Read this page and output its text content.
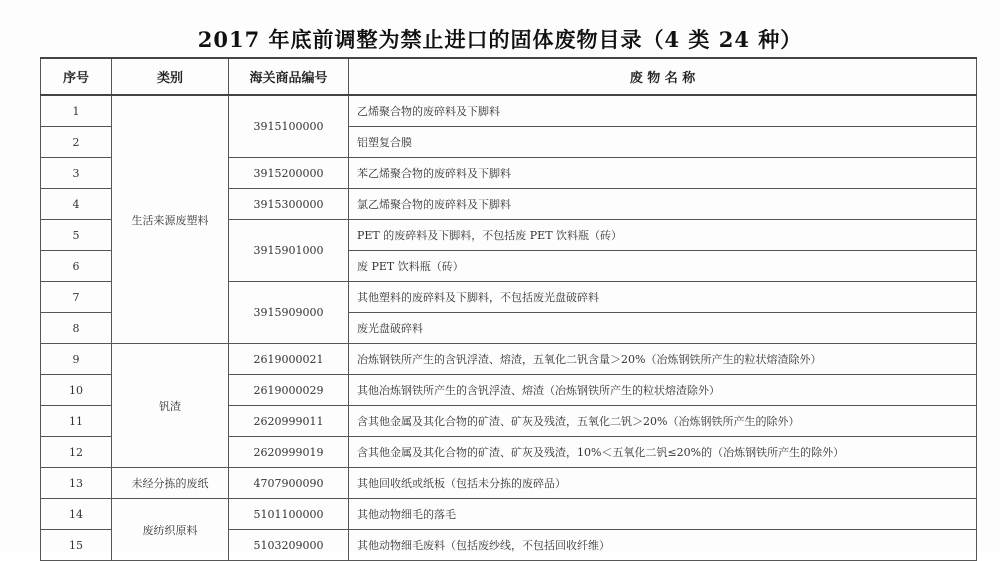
2017 年底前调整为禁止进口的固体废物目录（4 类 24 种）
序号	类别	海关商品编号	废 物 名 称
1	生活来源废塑料	3915100000	乙烯聚合物的废碎料及下脚料
2			铝塑复合膜
3		3915200000	苯乙烯聚合物的废碎料及下脚料
4		3915300000	氯乙烯聚合物的废碎料及下脚料
5		3915901000	PET 的废碎料及下脚料，不包括废 PET 饮料瓶（砖）
6			废 PET 饮料瓶（砖）
7		3915909000	其他塑料的废碎料及下脚料，不包括废光盘破碎料
8			废光盘破碎料
9	钒渣	2619000021	冶炼钢铁所产生的含钒浮渣、熔渣，五氧化二钒含量＞20%（冶炼钢铁所产生的粒状熔渣除外）
10		2619000029	其他冶炼钢铁所产生的含钒浮渣、熔渣（冶炼钢铁所产生的粒状熔渣除外）
11		2620999011	含其他金属及其化合物的矿渣、矿灰及残渣，五氧化二钒＞20%（冶炼钢铁所产生的除外）
12		2620999019	含其他金属及其化合物的矿渣、矿灰及残渣，10%＜五氧化二钒≤20%的（冶炼钢铁所产生的除外）
13	未经分拣的废纸	4707900090	其他回收纸或纸板（包括未分拣的废碎品）
14	废纺织原料	5101100000	其他动物细毛的落毛
15		5103209000	其他动物细毛废料（包括废纱线，不包括回收纤维）
